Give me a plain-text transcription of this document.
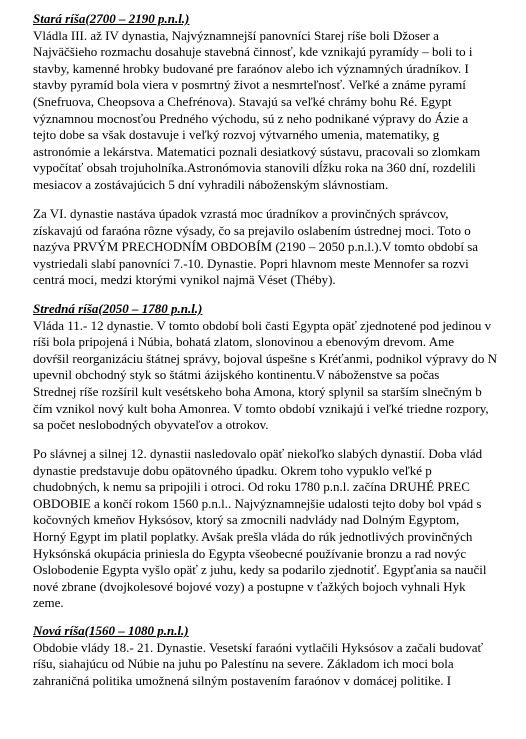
Stará ríša(2700 – 2190 p.n.l.)
Vládla III. až IV dynastia, Najvýznamnejší panovníci Starej ríše boli Džoser a
Najväčšieho rozmachu dosahuje stavebná činnosť, kde vznikajú pyramídy – boli to i
stavby, kamenné hrobky budované pre faraónov alebo ich významných úradníkov. I
stavby pyramíd bola viera v posmrtný život a nesmrteľnosť. Veľké a známe pyramí
(Snefruova, Cheopsova a Chefrénova). Stavajú sa veľké chrámy bohu Ré. Egypt
významnou mocnosťou Predného východu, sú z neho podnikané výpravy do Ázie a
tejto dobe sa však dostavuje i veľký rozvoj výtvarného umenia, matematiky, g
astronómie a lekárstva. Matematici poznali desiatkový sústavu, pracovali so zlomkam
vypočítať obsah trojuholníka.Astronómovia stanovili dĺžku roka na 360 dní, rozdelili
mesiacov a zostávajúcich 5 dní vyhradili náboženským slávnostiam.
Za VI. dynastie nastáva úpadok vzrastá moc úradníkov a provinčných správcov,
získavajú od faraóna rôzne výsady, čo sa prejavilo oslabením ústrednej moci. Toto o
nazýva PRVÝM PRECHODNÍM OBDOBÍM (2190 – 2050 p.n.l.).V tomto období sa
vystriedali slabí panovníci 7.-10. Dynastie. Popri hlavnom meste Mennofer sa rozvi
centrá moci, medzi ktorými vynikol najmä Véset (Théby).
Stredná ríša(2050 – 1780 p.n.l.)
Vláda 11.- 12 dynastie. V tomto období boli časti Egypta opäť zjednotené pod jedinou v
ríši bola pripojená i Núbia, bohatá zlatom, slonovinou a ebenovým drevom. Ame
dovŕšil reorganizáciu štátnej správy, bojoval úspešne s Kréťanmi, podnikol výpravy do N
upevnil obchodný styk so štátmi ázijského kontinentu.V náboženstve sa počas
Strednej ríše rozšíril kult vesétskeho boha Amona, ktorý splynil sa starším slnečným b
čím vznikol nový kult boha Amonrea. V tomto období vznikajú i veľké triedne rozpory,
sa počet neslobodných obyvateľov a otrokov.
Po slávnej a silnej 12. dynastii nasledovalo opäť niekoľko slabých dynastií. Doba vlád
dynastie predstavuje dobu opätovného úpadku. Okrem toho vypuklo veľké p
chudobných, k nemu sa pripojili i otroci. Od roku 1780 p.n.l. začína DRUHÉ PREC
OBDOBIE a končí rokom 1560 p.n.l.. Najvýznamnejšie udalosti tejto doby bol vpád s
kočovných kmeňov Hyksósov, ktorý sa zmocnili nadvlády nad Dolným Egyptom,
Horný Egypt im platil poplatky. Avšak prešla vláda do rúk jednotlivých provinčných
Hyksónská okupácia priniesla do Egypta všeobecné používanie bronzu a rad novýc
Oslobodenie Egypta vyšlo opäť z juhu, kedy sa podarilo zjednotiť. Egypťania sa naučil
nové zbrane (dvojkolesové bojové vozy) a postupne v ťažkých bojoch vyhnali Hyk
zeme.
Nová ríša(1560 – 1080 p.n.l.)
Obdobie vlády 18.- 21. Dynastie. Vesetskí faraóni vytlačili Hyksósov a začali budovať
ríšu, siahajúcu od Núbie na juhu po Palestínu na severe. Základom ich moci bola
zahraničná politika umožnená silným postavením faraónov v domácej politike. I
